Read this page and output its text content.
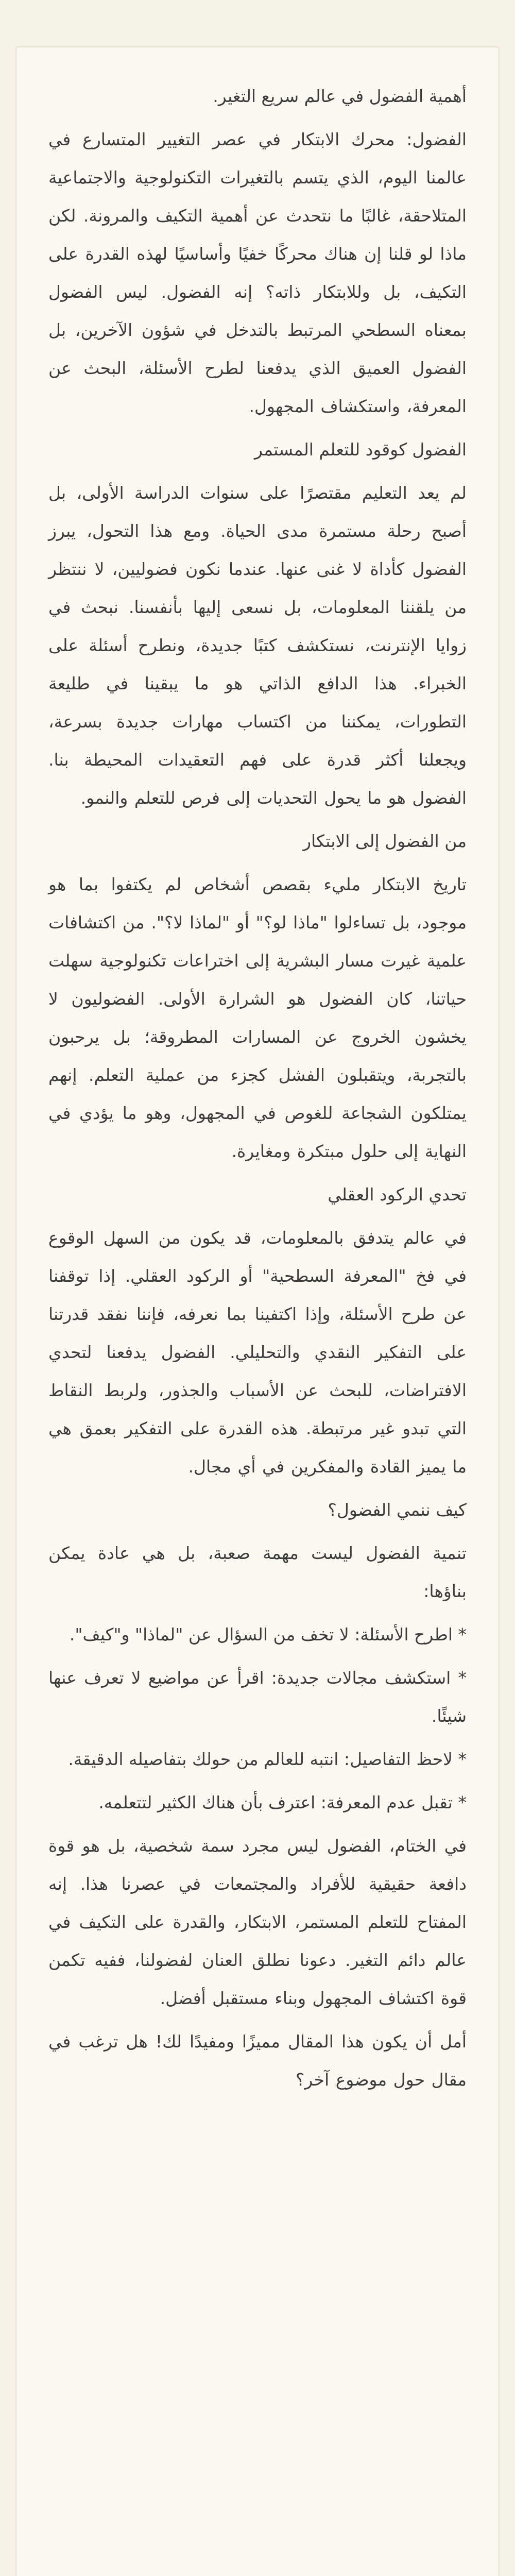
أهمية الفضول في عالم سريع التغير.

الفضول: محرك الابتكار في عصر التغيير المتسارع في عالمنا اليوم، الذي يتسم بالتغيرات التكنولوجية والاجتماعية المتلاحقة، غالبًا ما نتحدث عن أهمية التكيف والمرونة. لكن ماذا لو قلنا إن هناك محركًا خفيًا وأساسيًا لهذه القدرة على التكيف، بل وللابتكار ذاته؟ إنه الفضول. ليس الفضول بمعناه السطحي المرتبط بالتدخل في شؤون الآخرين، بل الفضول العميق الذي يدفعنا لطرح الأسئلة، البحث عن المعرفة، واستكشاف المجهول.

الفضول كوقود للتعلم المستمر

لم يعد التعليم مقتصرًا على سنوات الدراسة الأولى، بل أصبح رحلة مستمرة مدى الحياة. ومع هذا التحول، يبرز الفضول كأداة لا غنى عنها. عندما نكون فضوليين، لا ننتظر من يلقننا المعلومات، بل نسعى إليها بأنفسنا. نبحث في زوايا الإنترنت، نستكشف كتبًا جديدة، ونطرح أسئلة على الخبراء. هذا الدافع الذاتي هو ما يبقينا في طليعة التطورات، يمكننا من اكتساب مهارات جديدة بسرعة، ويجعلنا أكثر قدرة على فهم التعقيدات المحيطة بنا. الفضول هو ما يحول التحديات إلى فرص للتعلم والنمو.

من الفضول إلى الابتكار

تاريخ الابتكار مليء بقصص أشخاص لم يكتفوا بما هو موجود، بل تساءلوا "ماذا لو؟" أو "لماذا لا؟". من اكتشافات علمية غيرت مسار البشرية إلى اختراعات تكنولوجية سهلت حياتنا، كان الفضول هو الشرارة الأولى. الفضوليون لا يخشون الخروج عن المسارات المطروقة؛ بل يرحبون بالتجربة، ويتقبلون الفشل كجزء من عملية التعلم. إنهم يمتلكون الشجاعة للغوص في المجهول، وهو ما يؤدي في النهاية إلى حلول مبتكرة ومغايرة.

تحدي الركود العقلي

في عالم يتدفق بالمعلومات، قد يكون من السهل الوقوع في فخ "المعرفة السطحية" أو الركود العقلي. إذا توقفنا عن طرح الأسئلة، وإذا اكتفينا بما نعرفه، فإننا نفقد قدرتنا على التفكير النقدي والتحليلي. الفضول يدفعنا لتحدي الافتراضات، للبحث عن الأسباب والجذور، ولربط النقاط التي تبدو غير مرتبطة. هذه القدرة على التفكير بعمق هي ما يميز القادة والمفكرين في أي مجال.

كيف ننمي الفضول؟

تنمية الفضول ليست مهمة صعبة، بل هي عادة يمكن بناؤها:

* اطرح الأسئلة: لا تخف من السؤال عن "لماذا" و"كيف".

* استكشف مجالات جديدة: اقرأ عن مواضيع لا تعرف عنها شيئًا.

* لاحظ التفاصيل: انتبه للعالم من حولك بتفاصيله الدقيقة.

* تقبل عدم المعرفة: اعترف بأن هناك الكثير لتتعلمه.

في الختام، الفضول ليس مجرد سمة شخصية، بل هو قوة دافعة حقيقية للأفراد والمجتمعات في عصرنا هذا. إنه المفتاح للتعلم المستمر، الابتكار، والقدرة على التكيف في عالم دائم التغير. دعونا نطلق العنان لفضولنا، ففيه تكمن قوة اكتشاف المجهول وبناء مستقبل أفضل.

أمل أن يكون هذا المقال مميزًا ومفيدًا لك! هل ترغب في مقال حول موضوع آخر؟
